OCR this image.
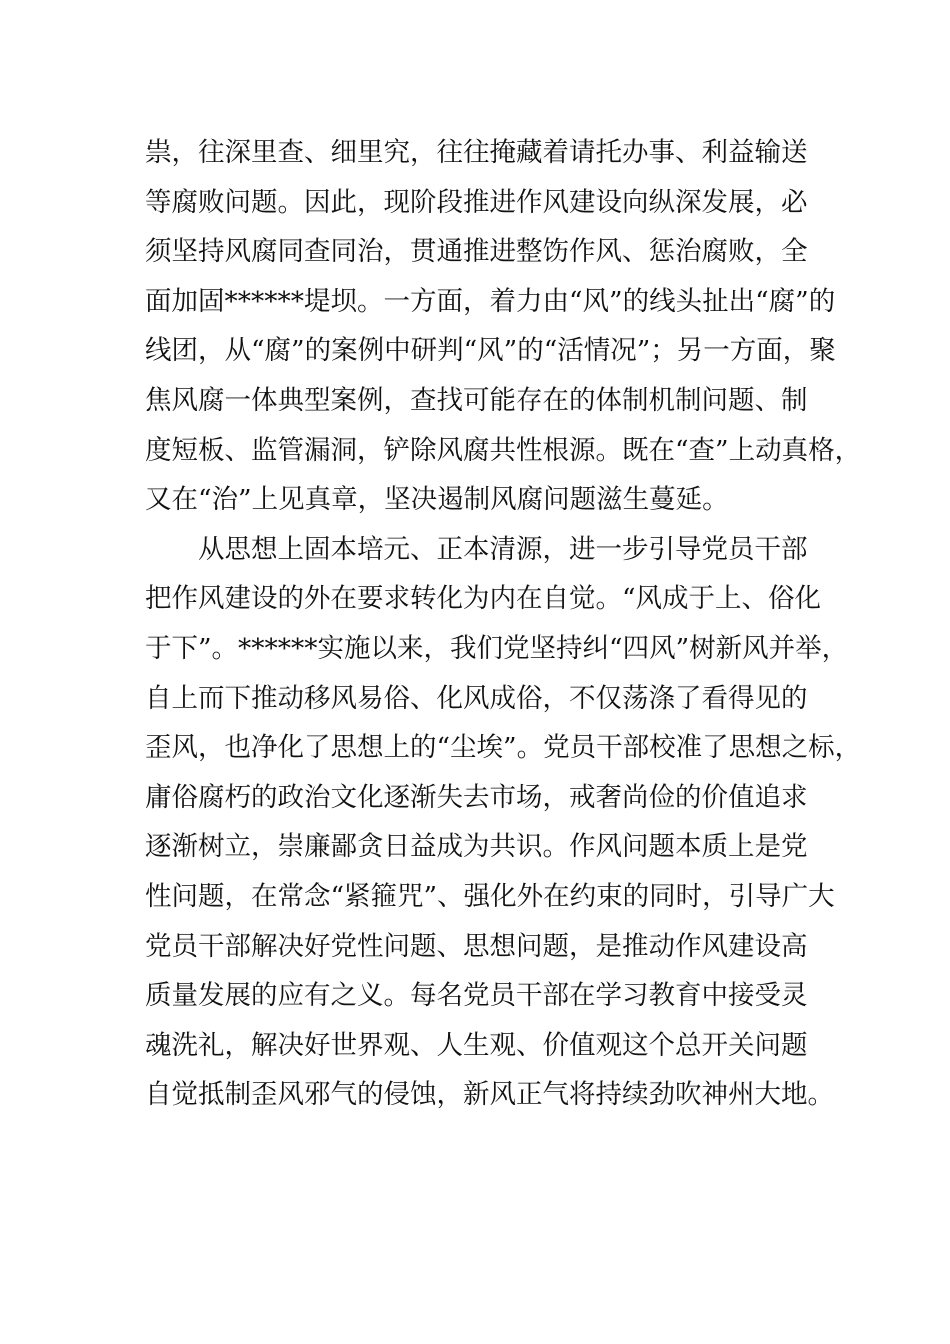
祟，往深里查、细里究，往往掩藏着请托办事、利益输送
等腐败问题。因此，现阶段推进作风建设向纵深发展，必
须坚持风腐同查同治，贯通推进整饬作风、惩治腐败，全
面加固******堤坝。一方面，着力由“风”的线头扯出“腐”的
线团，从“腐”的案例中研判“风”的“活情况”；另一方面，聚
焦风腐一体典型案例，查找可能存在的体制机制问题、制
度短板、监管漏洞，铲除风腐共性根源。既在“查”上动真格，
又在“治”上见真章，坚决遏制风腐问题滋生蔓延。
从思想上固本培元、正本清源，进一步引导党员干部
把作风建设的外在要求转化为内在自觉。“风成于上、俗化
于下”。******实施以来，我们党坚持纠“四风”树新风并举，
自上而下推动移风易俗、化风成俗，不仅荡涤了看得见的
歪风，也净化了思想上的“尘埃”。党员干部校准了思想之标，
庸俗腐朽的政治文化逐渐失去市场，戒奢尚俭的价值追求
逐渐树立，崇廉鄙贪日益成为共识。作风问题本质上是党
性问题，在常念“紧箍咒”、强化外在约束的同时，引导广大
党员干部解决好党性问题、思想问题，是推动作风建设高
质量发展的应有之义。每名党员干部在学习教育中接受灵
魂洗礼，解决好世界观、人生观、价值观这个总开关问题
自觉抵制歪风邪气的侵蚀，新风正气将持续劲吹神州大地。
